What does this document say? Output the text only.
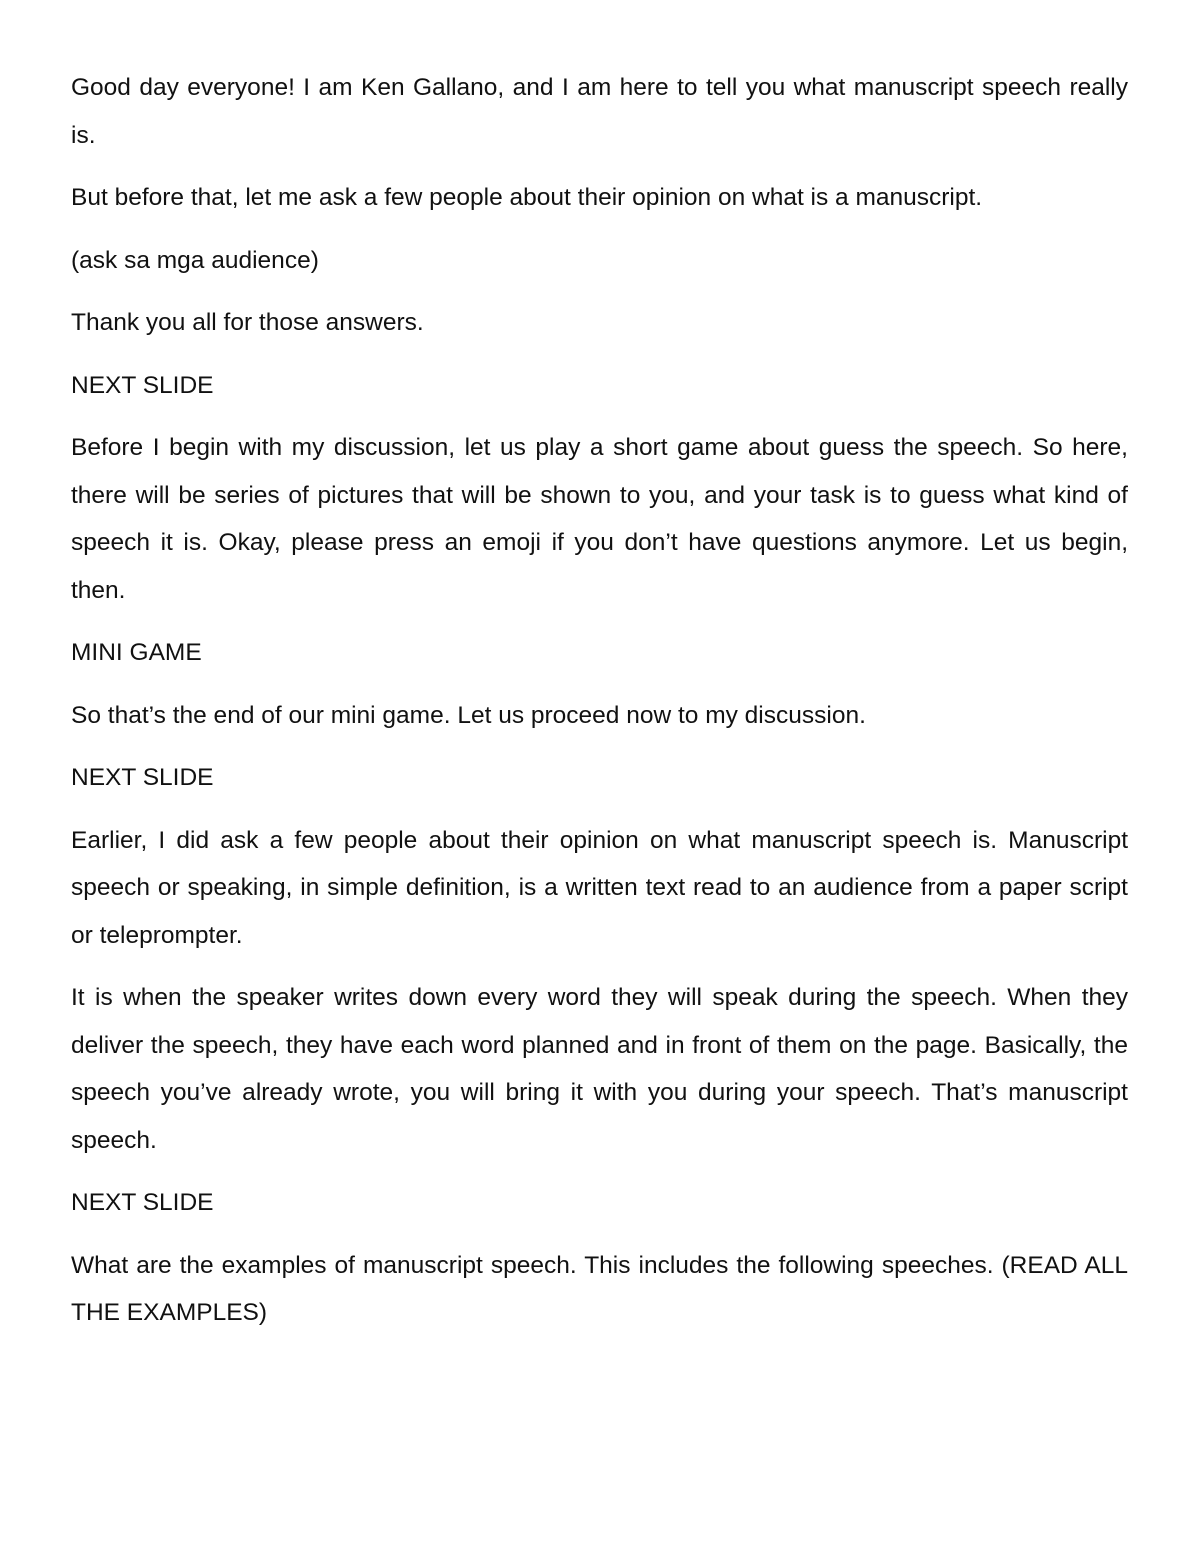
Good day everyone! I am Ken Gallano, and I am here to tell you what manuscript speech really is.

But before that, let me ask a few people about their opinion on what is a manuscript.

(ask sa mga audience)

Thank you all for those answers.

NEXT SLIDE

Before I begin with my discussion, let us play a short game about guess the speech. So here, there will be series of pictures that will be shown to you, and your task is to guess what kind of speech it is. Okay, please press an emoji if you don’t have questions anymore. Let us begin, then.

MINI GAME

So that’s the end of our mini game. Let us proceed now to my discussion.

NEXT SLIDE

Earlier, I did ask a few people about their opinion on what manuscript speech is. Manuscript speech or speaking, in simple definition, is a written text read to an audience from a paper script or teleprompter.

It is when the speaker writes down every word they will speak during the speech. When they deliver the speech, they have each word planned and in front of them on the page. Basically, the speech you’ve already wrote, you will bring it with you during your speech. That’s manuscript speech.

NEXT SLIDE

What are the examples of manuscript speech. This includes the following speeches. (READ ALL THE EXAMPLES)
